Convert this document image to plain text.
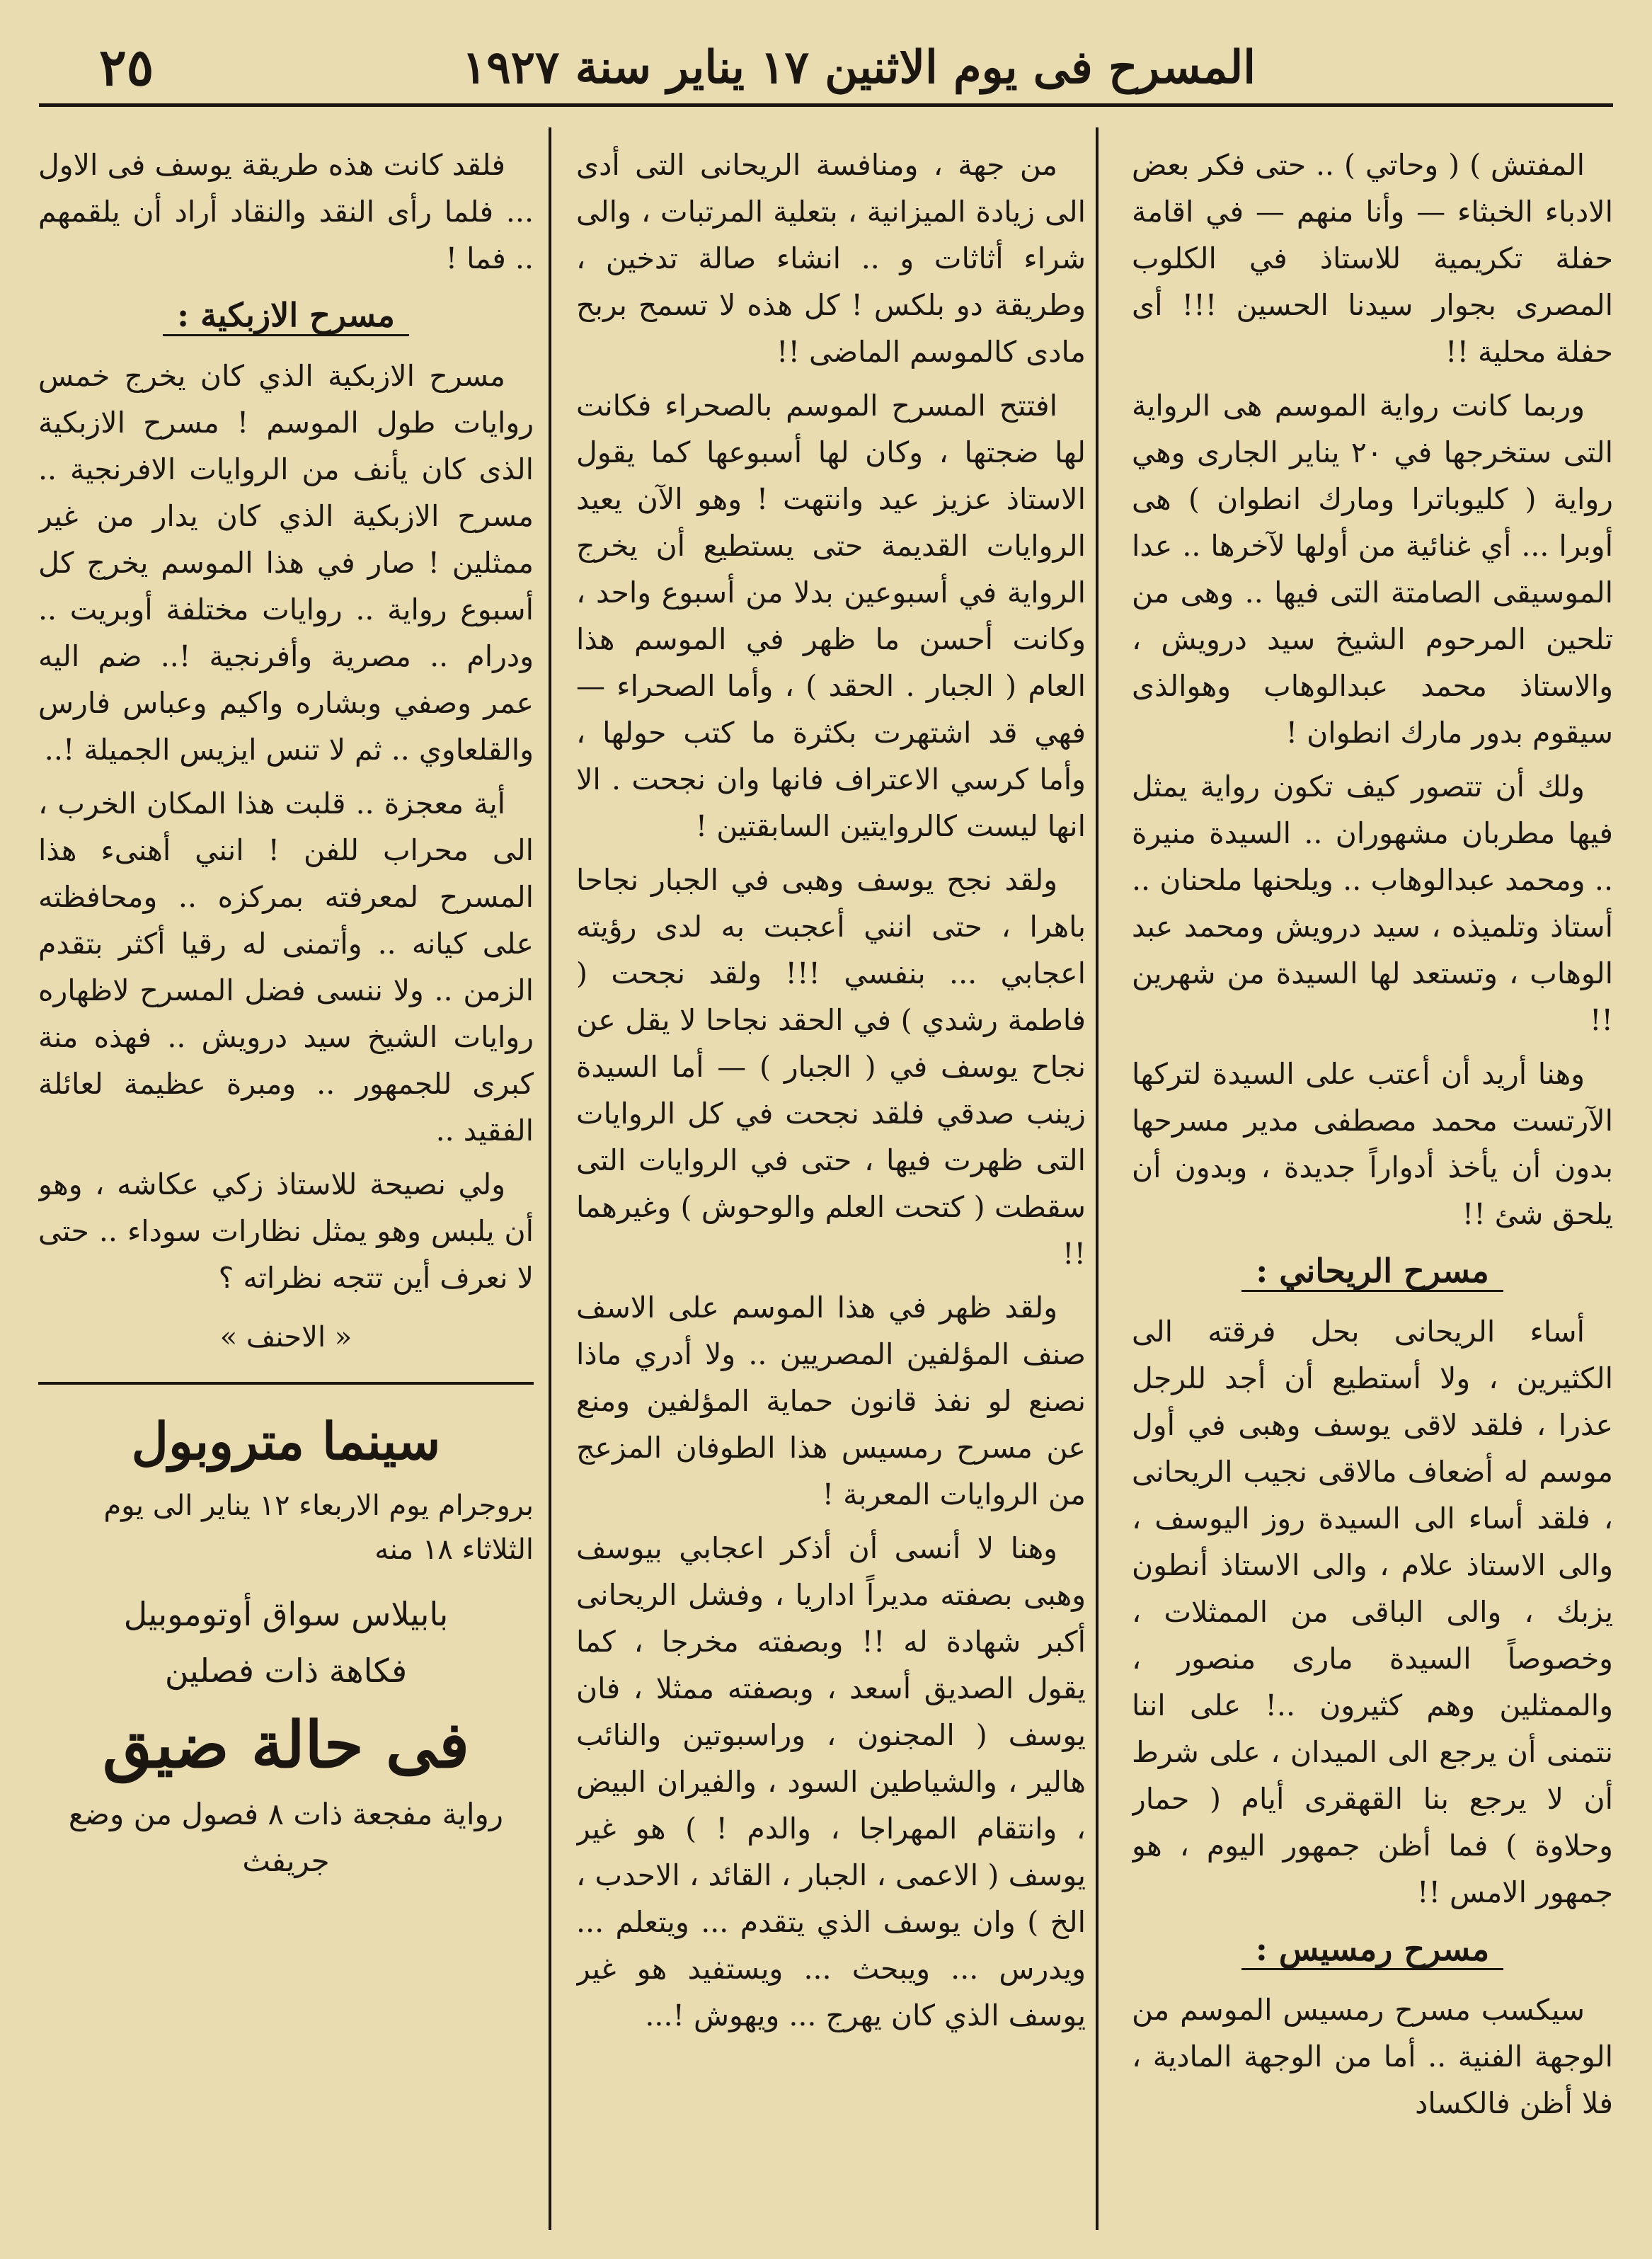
المسرح فى يوم الاثنين ١٧ يناير سنة ١٩٢٧
٢٥

المفتش ) ( وحاتي ) .. حتى فكر بعض الادباء الخبثاء — وأنا منهم — في اقامة حفلة تكريمية للاستاذ في الكلوب المصرى بجوار سيدنا الحسين !!! أى حفلة محلية !!

وربما كانت رواية الموسم هى الرواية التى ستخرجها في ٢٠ يناير الجارى وهي رواية ( كليوباترا ومارك انطوان ) هى أوبرا ... أي غنائية من أولها لآخرها .. عدا الموسيقى الصامتة التى فيها .. وهى من تلحين المرحوم الشيخ سيد درويش ، والاستاذ محمد عبدالوهاب وهوالذى سيقوم بدور مارك انطوان !

ولك أن تتصور كيف تكون رواية يمثل فيها مطربان مشهوران .. السيدة منيرة .. ومحمد عبدالوهاب .. ويلحنها ملحنان .. أستاذ وتلميذه ، سيد درويش ومحمد عبد الوهاب ، وتستعد لها السيدة من شهرين !!

وهنا أريد أن أعتب على السيدة لتركها الآرتست محمد مصطفى مدير مسرحها بدون أن يأخذ أدواراً جديدة ، وبدون أن يلحق شئ !!

مسرح الريحاني :

أساء الريحانى بحل فرقته الى الكثيرين ، ولا أستطيع أن أجد للرجل عذرا ، فلقد لاقى يوسف وهبى في أول موسم له أضعاف مالاقى نجيب الريحانى ، فلقد أساء الى السيدة روز اليوسف ، والى الاستاذ علام ، والى الاستاذ أنطون يزبك ، والى الباقى من الممثلات ، وخصوصاً السيدة مارى منصور ، والممثلين وهم كثيرون ..! على اننا نتمنى أن يرجع الى الميدان ، على شرط أن لا يرجع بنا القهقرى أيام ( حمار وحلاوة ) فما أظن جمهور اليوم ، هو جمهور الامس !!

مسرح رمسيس :

سيكسب مسرح رمسيس الموسم من الوجهة الفنية .. أما من الوجهة المادية ، فلا أظن فالكساد

من جهة ، ومنافسة الريحانى التى أدى الى زيادة الميزانية ، بتعلية المرتبات ، والى شراء أثاثات و .. انشاء صالة تدخين ، وطريقة دو بلكس ! كل هذه لا تسمح بربح مادى كالموسم الماضى !!

افتتح المسرح الموسم بالصحراء فكانت لها ضجتها ، وكان لها أسبوعها كما يقول الاستاذ عزيز عيد وانتهت ! وهو الآن يعيد الروايات القديمة حتى يستطيع أن يخرج الرواية في أسبوعين بدلا من أسبوع واحد ، وكانت أحسن ما ظهر في الموسم هذا العام ( الجبار . الحقد ) ، وأما الصحراء — فهي قد اشتهرت بكثرة ما كتب حولها ، وأما كرسي الاعتراف فانها وان نجحت . الا انها ليست كالروايتين السابقتين !

ولقد نجح يوسف وهبى في الجبار نجاحا باهرا ، حتى انني أعجبت به لدى رؤيته اعجابي ... بنفسي !!! ولقد نجحت ( فاطمة رشدي ) في الحقد نجاحا لا يقل عن نجاح يوسف في ( الجبار ) — أما السيدة زينب صدقي فلقد نجحت في كل الروايات التى ظهرت فيها ، حتى في الروايات التى سقطت ( كتحت العلم والوحوش ) وغيرهما !!

ولقد ظهر في هذا الموسم على الاسف صنف المؤلفين المصريين .. ولا أدري ماذا نصنع لو نفذ قانون حماية المؤلفين ومنع عن مسرح رمسيس هذا الطوفان المزعج من الروايات المعربة !

وهنا لا أنسى أن أذكر اعجابي بيوسف وهبى بصفته مديراً اداريا ، وفشل الريحانى أكبر شهادة له !! وبصفته مخرجا ، كما يقول الصديق أسعد ، وبصفته ممثلا ، فان يوسف ( المجنون ، وراسبوتين والنائب هالير ، والشياطين السود ، والفيران البيض ، وانتقام المهراجا ، والدم ! ) هو غير يوسف ( الاعمى ، الجبار ، القائد ، الاحدب ، الخ ) وان يوسف الذي يتقدم ... ويتعلم ... ويدرس ... ويبحث ... ويستفيد هو غير يوسف الذي كان يهرج ... ويهوش !...

فلقد كانت هذه طريقة يوسف فى الاول ... فلما رأى النقد والنقاد أراد أن يلقمهم .. فما !

مسرح الازبكية :

مسرح الازبكية الذي كان يخرج خمس روايات طول الموسم ! مسرح الازبكية الذى كان يأنف من الروايات الافرنجية .. مسرح الازبكية الذي كان يدار من غير ممثلين ! صار في هذا الموسم يخرج كل أسبوع رواية .. روايات مختلفة أوبريت .. ودرام .. مصرية وأفرنجية !.. ضم اليه عمر وصفي وبشاره واكيم وعباس فارس والقلعاوي .. ثم لا تنس ايزيس الجميلة !..

أية معجزة .. قلبت هذا المكان الخرب ، الى محراب للفن ! انني أهنىء هذا المسرح لمعرفته بمركزه .. ومحافظته على كيانه .. وأتمنى له رقيا أكثر بتقدم الزمن .. ولا ننسى فضل المسرح لاظهاره روايات الشيخ سيد درويش .. فهذه منة كبرى للجمهور .. ومبرة عظيمة لعائلة الفقيد ..

ولي نصيحة للاستاذ زكي عكاشه ، وهو أن يلبس وهو يمثل نظارات سوداء .. حتى لا نعرف أين تتجه نظراته ؟

« الاحنف »
سينما متروبول
بروجرام يوم الاربعاء ١٢ يناير الى يوم الثلاثاء ١٨ منه
بابيلاس سواق أوتوموبيل
فكاهة ذات فصلين
فى حالة ضيق
رواية مفجعة ذات ٨ فصول من وضع جريفث
